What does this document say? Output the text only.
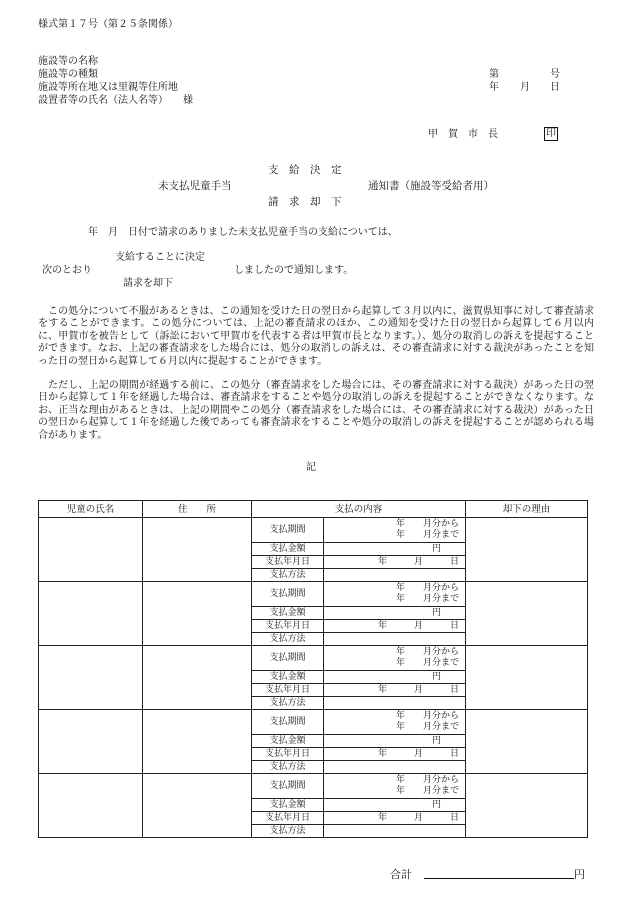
様式第１７号（第２５条関係）
施設等の名称
施設等の種類
施設等所在地又は里親等住所地
設置者等の氏名（法人名等）　　様
第	号
年 月 日
甲　賀　市　長	印
支　給　決　定
未支払児童手当	通知書（施設等受給者用）
請　求　却　下
年　月　日付で請求のありました未支払児童手当の支給については、
支給することに決定
次のとおり	しましたので通知します。
請求を却下
この処分について不服があるときは、この通知を受けた日の翌日から起算して３月以内に、滋賀県知事に対して審査請求をすることができます。この処分については、上記の審査請求のほか、この通知を受けた日の翌日から起算して６月以内に、甲賀市を被告として（訴訟において甲賀市を代表する者は甲賀市長となります。）、処分の取消しの訴えを提起することができます。なお、上記の審査請求をした場合には、処分の取消しの訴えは、その審査請求に対する裁決があったことを知った日の翌日から起算して６月以内に提起することができます。
ただし、上記の期間が経過する前に、この処分（審査請求をした場合には、その審査請求に対する裁決）があった日の翌日から起算して１年を経過した場合は、審査請求をすることや処分の取消しの訴えを提起することができなくなります。なお、正当な理由があるときは、上記の期間やこの処分（審査請求をした場合には、その審査請求に対する裁決）があった日の翌日から起算して１年を経過した後であっても審査請求をすることや処分の取消しの訴えを提起することが認められる場合があります。
記
児童の氏名	住　　所	支払の内容		却下の理由
		支払期間	年　　月分から
年　　月分まで	

		支払金額	円	
		支払年月日	年　　　月　　　日	
		支払方法		
		支払期間	年　　月分から
年　　月分まで	

		支払金額	円	
		支払年月日	年　　　月　　　日	
		支払方法		
		支払期間	年　　月分から
年　　月分まで	

		支払金額	円	
		支払年月日	年　　　月　　　日	
		支払方法		
		支払期間	年　　月分から
年　　月分まで	

		支払金額	円	
		支払年月日	年　　　月　　　日	
		支払方法		
		支払期間	年　　月分から
年　　月分まで	

		支払金額	円	
		支払年月日	年　　　月　　　日	
		支払方法		
合計	円
